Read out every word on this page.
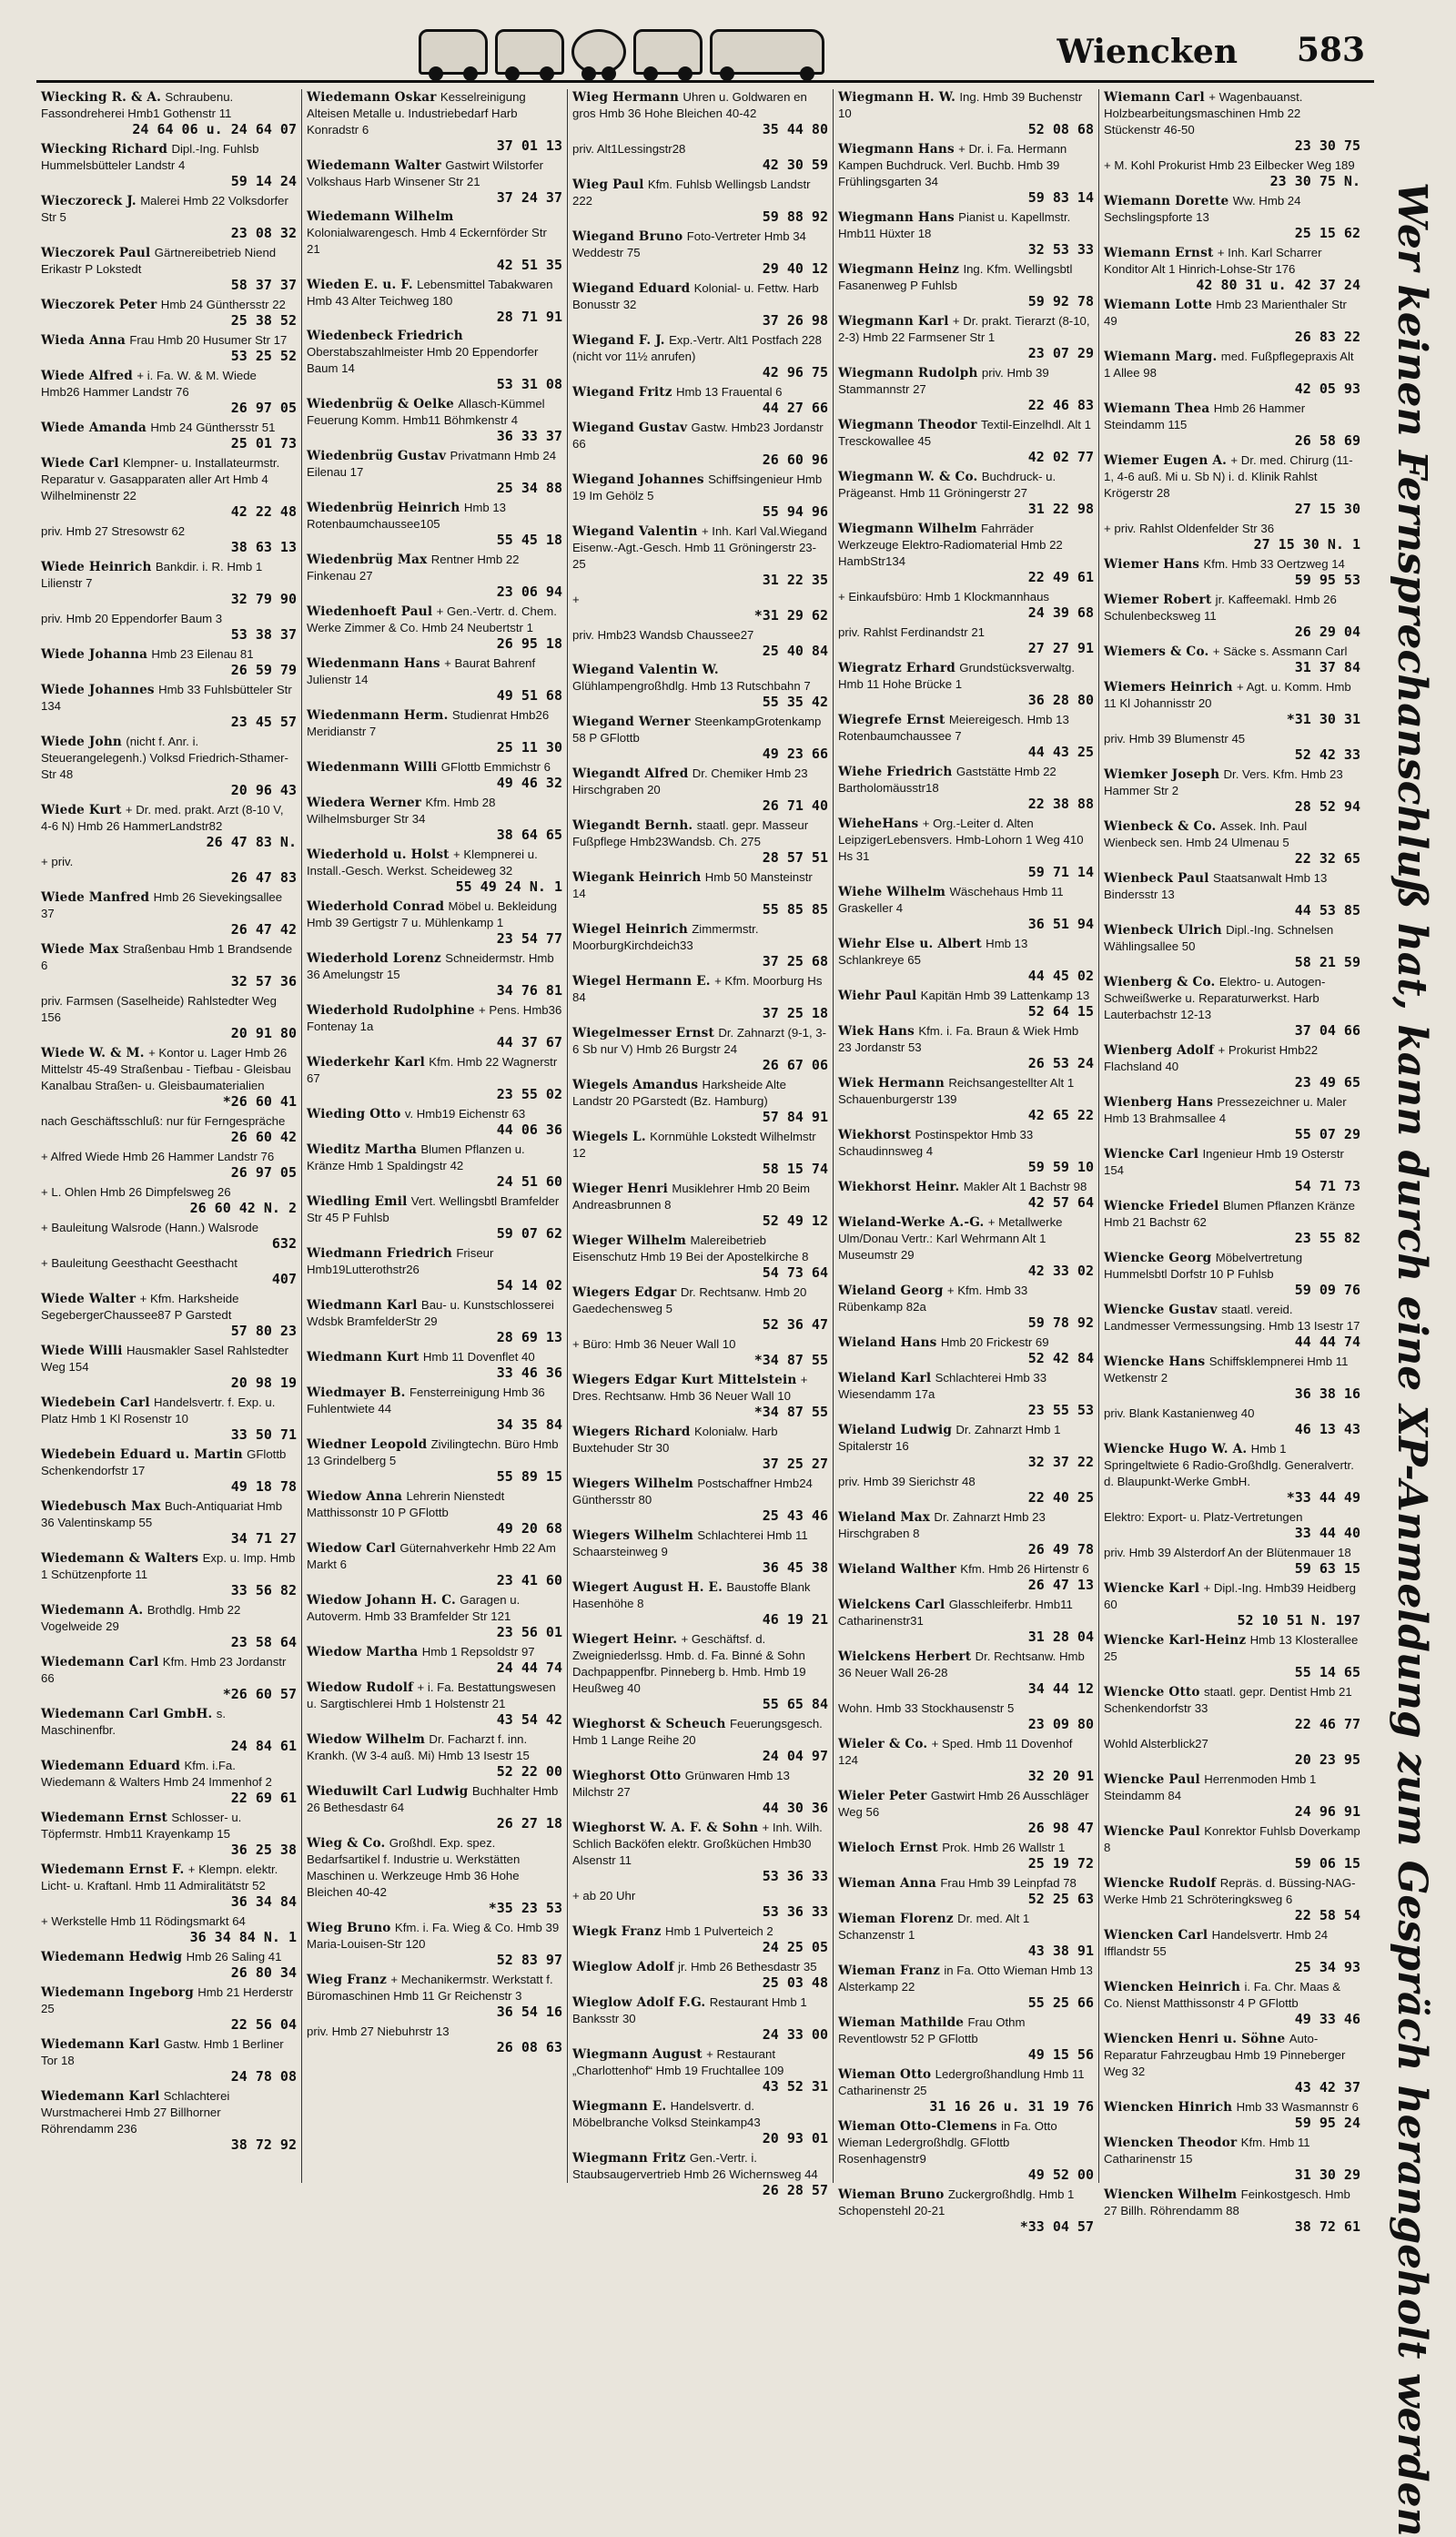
Wiencken 583
Wiecking R. & A. Schraubenu. Fassondreherei Hmb1 Gothenstr 11
24 64 06 u. 24 64 07
Wiecking Richard Dipl.-Ing. Fuhlsb Hummelsbütteler Landstr 4
59 14 24
Wieczoreck J. Malerei Hmb 22 Volksdorfer Str 5
23 08 32
Wieczorek Paul Gärtnereibetrieb Niend Erikastr P Lokstedt
58 37 37
Wieczorek Peter Hmb 24 Günthersstr 22
25 38 52
Wieda Anna Frau Hmb 20 Husumer Str 17
53 25 52
Wiede Alfred + i. Fa. W. & M. Wiede Hmb26 Hammer Landstr 76
26 97 05
Wiede Amanda Hmb 24 Günthersstr 51
25 01 73
Wiede Carl Klempner- u. Installateurmstr. Reparatur v. Gasapparaten aller Art Hmb 4 Wilhelminenstr 22
42 22 48
priv. Hmb 27 Stresowstr 62
38 63 13
Wiede Heinrich Bankdir. i. R. Hmb 1 Lilienstr 7
32 79 90
priv. Hmb 20 Eppendorfer Baum 3
53 38 37
Wiede Johanna Hmb 23 Eilenau 81
26 59 79
Wiede Johannes Hmb 33 Fuhlsbütteler Str 134
23 45 57
Wiede John (nicht f. Anr. i. Steuerangelegenh.) Volksd Friedrich-Sthamer-Str 48
20 96 43
Wiede Kurt + Dr. med. prakt. Arzt (8-10 V, 4-6 N) Hmb 26 HammerLandstr82
26 47 83 N.
+ priv.
26 47 83
Wiede Manfred Hmb 26 Sievekingsallee 37
26 47 42
Wiede Max Straßenbau Hmb 1 Brandsende 6
32 57 36
priv. Farmsen (Saselheide) Rahlstedter Weg 156
20 91 80
Wiede W. & M. + Kontor u. Lager Hmb 26 Mittelstr 45-49 Straßenbau - Tiefbau - Gleisbau Kanalbau Straßen- u. Gleisbaumaterialien
*26 60 41
nach Geschäftsschluß: nur für Ferngespräche
26 60 42
+ Alfred Wiede Hmb 26 Hammer Landstr 76
26 97 05
+ L. Ohlen Hmb 26 Dimpfelsweg 26
26 60 42 N. 2
+ Bauleitung Walsrode (Hann.) Walsrode
632
+ Bauleitung Geesthacht Geesthacht
407
Wiede Walter + Kfm. Harksheide SegebergerChaussee87 P Garstedt
57 80 23
Wiede Willi Hausmakler Sasel Rahlstedter Weg 154
20 98 19
Wiedebein Carl Handelsvertr. f. Exp. u. Platz Hmb 1 Kl Rosenstr 10
33 50 71
Wiedebein Eduard u. Martin GFlottb Schenkendorfstr 17
49 18 78
Wiedebusch Max Buch-Antiquariat Hmb 36 Valentinskamp 55
34 71 27
Wiedemann & Walters Exp. u. Imp. Hmb 1 Schützenpforte 11
33 56 82
Wiedemann A. Brothdlg. Hmb 22 Vogelweide 29
23 58 64
Wiedemann Carl Kfm. Hmb 23 Jordanstr 66
*26 60 57
Wiedemann Carl GmbH. s. Maschinenfbr.
24 84 61
Wiedemann Eduard Kfm. i.Fa. Wiedemann & Walters Hmb 24 Immenhof 2
22 69 61
Wiedemann Ernst Schlosser- u. Töpfermstr. Hmb11 Krayenkamp 15
36 25 38
Wiedemann Ernst F. + Klempn. elektr. Licht- u. Kraftanl. Hmb 11 Admiralitätstr 52
36 34 84
+ Werkstelle Hmb 11 Rödingsmarkt 64
36 34 84 N. 1
Wiedemann Hedwig Hmb 26 Saling 41
26 80 34
Wiedemann Ingeborg Hmb 21 Herderstr 25
22 56 04
Wiedemann Karl Gastw. Hmb 1 Berliner Tor 18
24 78 08
Wiedemann Karl Schlachterei Wurstmacherei Hmb 27 Billhorner Röhrendamm 236
38 72 92
Wiedemann Oskar Kesselreinigung Alteisen Metalle u. Industriebedarf Harb Konradstr 6
37 01 13
Wiedemann Walter Gastwirt Wilstorfer Volkshaus Harb Winsener Str 21
37 24 37
Wiedemann Wilhelm Kolonialwarengesch. Hmb 4 Eckernförder Str 21
42 51 35
Wieden E. u. F. Lebensmittel Tabakwaren Hmb 43 Alter Teichweg 180
28 71 91
Wiedenbeck Friedrich Oberstabszahlmeister Hmb 20 Eppendorfer Baum 14
53 31 08
Wiedenbrüg & Oelke Allasch-Kümmel Feuerung Komm. Hmb11 Böhmkenstr 4
36 33 37
Wiedenbrüg Gustav Privatmann Hmb 24 Eilenau 17
25 34 88
Wiedenbrüg Heinrich Hmb 13 Rotenbaumchaussee105
55 45 18
Wiedenbrüg Max Rentner Hmb 22 Finkenau 27
23 06 94
Wiedenhoeft Paul + Gen.-Vertr. d. Chem. Werke Zimmer & Co. Hmb 24 Neubertstr 1
26 95 18
Wiedenmann Hans + Baurat Bahrenf Julienstr 14
49 51 68
Wiedenmann Herm. Studienrat Hmb26 Meridianstr 7
25 11 30
Wiedenmann Willi GFlottb Emmichstr 6
49 46 32
Wiedera Werner Kfm. Hmb 28 Wilhelmsburger Str 34
38 64 65
Wiederhold u. Holst + Klempnerei u. Install.-Gesch. Werkst. Scheideweg 32
55 49 24 N. 1
Wiederhold Conrad Möbel u. Bekleidung Hmb 39 Gertigstr 7 u. Mühlenkamp 1
23 54 77
Wiederhold Lorenz Schneidermstr. Hmb 36 Amelungstr 15
34 76 81
Wiederhold Rudolphine + Pens. Hmb36 Fontenay 1a
44 37 67
Wiederkehr Karl Kfm. Hmb 22 Wagnerstr 67
23 55 02
Wieding Otto v. Hmb19 Eichenstr 63
44 06 36
Wieditz Martha Blumen Pflanzen u. Kränze Hmb 1 Spaldingstr 42
24 51 60
Wiedling Emil Vert. Wellingsbtl Bramfelder Str 45 P Fuhlsb
59 07 62
Wiedmann Friedrich Friseur Hmb19Lutterothstr26
54 14 02
Wiedmann Karl Bau- u. Kunstschlosserei Wdsbk BramfelderStr 29
28 69 13
Wiedmann Kurt Hmb 11 Dovenflet 40
33 46 36
Wiedmayer B. Fensterreinigung Hmb 36 Fuhlentwiete 44
34 35 84
Wiedner Leopold Zivilingtechn. Büro Hmb 13 Grindelberg 5
55 89 15
Wiedow Anna Lehrerin Nienstedt Matthissonstr 10 P GFlottb
49 20 68
Wiedow Carl Güternahverkehr Hmb 22 Am Markt 6
23 41 60
Wiedow Johann H. C. Garagen u. Autoverm. Hmb 33 Bramfelder Str 121
23 56 01
Wiedow Martha Hmb 1 Repsoldstr 97
24 44 74
Wiedow Rudolf + i. Fa. Bestattungswesen u. Sargtischlerei Hmb 1 Holstenstr 21
43 54 42
Wiedow Wilhelm Dr. Facharzt f. inn. Krankh. (W 3-4 auß. Mi) Hmb 13 Isestr 15
52 22 00
Wieduwilt Carl Ludwig Buchhalter Hmb 26 Bethesdastr 64
26 27 18
Wieg & Co. Großhdl. Exp. spez. Bedarfsartikel f. Industrie u. Werkstätten Maschinen u. Werkzeuge Hmb 36 Hohe Bleichen 40-42
*35 23 53
Wieg Bruno Kfm. i. Fa. Wieg & Co. Hmb 39 Maria-Louisen-Str 120
52 83 97
Wieg Franz + Mechanikermstr. Werkstatt f. Büromaschinen Hmb 11 Gr Reichenstr 3
36 54 16
priv. Hmb 27 Niebuhrstr 13
26 08 63
Wieg Hermann Uhren u. Goldwaren en gros Hmb 36 Hohe Bleichen 40-42
35 44 80
priv. Alt1Lessingstr28
42 30 59
Wieg Paul Kfm. Fuhlsb Wellingsb Landstr 222
59 88 92
Wiegand Bruno Foto-Vertreter Hmb 34 Weddestr 75
29 40 12
Wiegand Eduard Kolonial- u. Fettw. Harb Bonusstr 32
37 26 98
Wiegand F. J. Exp.-Vertr. Alt1 Postfach 228 (nicht vor 11½ anrufen)
42 96 75
Wiegand Fritz Hmb 13 Frauental 6
44 27 66
Wiegand Gustav Gastw. Hmb23 Jordanstr 66
26 60 96
Wiegand Johannes Schiffsingenieur Hmb 19 Im Gehölz 5
55 94 96
Wiegand Valentin + Inh. Karl Val.Wiegand Eisenw.-Agt.-Gesch. Hmb 11 Gröningerstr 23-25
31 22 35
+
*31 29 62
priv. Hmb23 Wandsb Chaussee27
25 40 84
Wiegand Valentin W. Glühlampengroßhdlg. Hmb 13 Rutschbahn 7
55 35 42
Wiegand Werner SteenkampGrotenkamp 58 P GFlottb
49 23 66
Wiegandt Alfred Dr. Chemiker Hmb 23 Hirschgraben 20
26 71 40
Wiegandt Bernh. staatl. gepr. Masseur Fußpflege Hmb23Wandsb. Ch. 275
28 57 51
Wiegank Heinrich Hmb 50 Mansteinstr 14
55 85 85
Wiegel Heinrich Zimmermstr. MoorburgKirchdeich33
37 25 68
Wiegel Hermann E. + Kfm. Moorburg Hs 84
37 25 18
Wiegelmesser Ernst Dr. Zahnarzt (9-1, 3-6 Sb nur V) Hmb 26 Burgstr 24
26 67 06
Wiegels Amandus Harksheide Alte Landstr 20 PGarstedt (Bz. Hamburg)
57 84 91
Wiegels L. Kornmühle Lokstedt Wilhelmstr 12
58 15 74
Wieger Henri Musiklehrer Hmb 20 Beim Andreasbrunnen 8
52 49 12
Wieger Wilhelm Malereibetrieb Eisenschutz Hmb 19 Bei der Apostelkirche 8
54 73 64
Wiegers Edgar Dr. Rechtsanw. Hmb 20 Gaedechensweg 5
52 36 47
+ Büro: Hmb 36 Neuer Wall 10
*34 87 55
Wiegers Edgar Kurt Mittelstein + Dres. Rechtsanw. Hmb 36 Neuer Wall 10
*34 87 55
Wiegers Richard Kolonialw. Harb Buxtehuder Str 30
37 25 27
Wiegers Wilhelm Postschaffner Hmb24 Günthersstr 80
25 43 46
Wiegers Wilhelm Schlachterei Hmb 11 Schaarsteinweg 9
36 45 38
Wiegert August H. E. Baustoffe Blank Hasenhöhe 8
46 19 21
Wiegert Heinr. + Geschäftsf. d. Zweigniederlssg. Hmb. d. Fa. Binné & Sohn Dachpappenfbr. Pinneberg b. Hmb. Hmb 19 Heußweg 40
55 65 84
Wieghorst & Scheuch Feuerungsgesch. Hmb 1 Lange Reihe 20
24 04 97
Wieghorst Otto Grünwaren Hmb 13 Milchstr 27
44 30 36
Wieghorst W. A. F. & Sohn + Inh. Wilh. Schlich Backöfen elektr. Großküchen Hmb30 Alsenstr 11
53 36 33
+ ab 20 Uhr
53 36 33
Wiegk Franz Hmb 1 Pulverteich 2
24 25 05
Wieglow Adolf jr. Hmb 26 Bethesdastr 35
25 03 48
Wieglow Adolf F.G. Restaurant Hmb 1 Banksstr 30
24 33 00
Wiegmann August + Restaurant „Charlottenhof“ Hmb 19 Fruchtallee 109
43 52 31
Wiegmann E. Handelsvertr. d. Möbelbranche Volksd Steinkamp43
20 93 01
Wiegmann Fritz Gen.-Vertr. i. Staubsaugervertrieb Hmb 26 Wichernsweg 44
26 28 57
Wiegmann H. W. Ing. Hmb 39 Buchenstr 10
52 08 68
Wiegmann Hans + Dr. i. Fa. Hermann Kampen Buchdruck. Verl. Buchb. Hmb 39 Frühlingsgarten 34
59 83 14
Wiegmann Hans Pianist u. Kapellmstr. Hmb11 Hüxter 18
32 53 33
Wiegmann Heinz Ing. Kfm. Wellingsbtl Fasanenweg P Fuhlsb
59 92 78
Wiegmann Karl + Dr. prakt. Tierarzt (8-10, 2-3) Hmb 22 Farmsener Str 1
23 07 29
Wiegmann Rudolph priv. Hmb 39 Stammannstr 27
22 46 83
Wiegmann Theodor Textil-Einzelhdl. Alt 1 Tresckowallee 45
42 02 77
Wiegmann W. & Co. Buchdruck- u. Prägeanst. Hmb 11 Gröningerstr 27
31 22 98
Wiegmann Wilhelm Fahrräder Werkzeuge Elektro-Radiomaterial Hmb 22 HambStr134
22 49 61
+ Einkaufsbüro: Hmb 1 Klockmannhaus
24 39 68
priv. Rahlst Ferdinandstr 21
27 27 91
Wiegratz Erhard Grundstücksverwaltg. Hmb 11 Hohe Brücke 1
36 28 80
Wiegrefe Ernst Meiereigesch. Hmb 13 Rotenbaumchaussee 7
44 43 25
Wiehe Friedrich Gaststätte Hmb 22 Bartholomäusstr18
22 38 88
WieheHans + Org.-Leiter d. Alten LeipzigerLebensvers. Hmb-Lohorn 1 Weg 410 Hs 31
59 71 14
Wiehe Wilhelm Wäschehaus Hmb 11 Graskeller 4
36 51 94
Wiehr Else u. Albert Hmb 13 Schlankreye 65
44 45 02
Wiehr Paul Kapitän Hmb 39 Lattenkamp 13
52 64 15
Wiek Hans Kfm. i. Fa. Braun & Wiek Hmb 23 Jordanstr 53
26 53 24
Wiek Hermann Reichsangestellter Alt 1 Schauenburgerstr 139
42 65 22
Wiekhorst Postinspektor Hmb 33 Schaudinnsweg 4
59 59 10
Wiekhorst Heinr. Makler Alt 1 Bachstr 98
42 57 64
Wieland-Werke A.-G. + Metallwerke Ulm/Donau Vertr.: Karl Wehrmann Alt 1 Museumstr 29
42 33 02
Wieland Georg + Kfm. Hmb 33 Rübenkamp 82a
59 78 92
Wieland Hans Hmb 20 Frickestr 69
52 42 84
Wieland Karl Schlachterei Hmb 33 Wiesendamm 17a
23 55 53
Wieland Ludwig Dr. Zahnarzt Hmb 1 Spitalerstr 16
32 37 22
priv. Hmb 39 Sierichstr 48
22 40 25
Wieland Max Dr. Zahnarzt Hmb 23 Hirschgraben 8
26 49 78
Wieland Walther Kfm. Hmb 26 Hirtenstr 6
26 47 13
Wielckens Carl Glasschleiferbr. Hmb11 Catharinenstr31
31 28 04
Wielckens Herbert Dr. Rechtsanw. Hmb 36 Neuer Wall 26-28
34 44 12
Wohn. Hmb 33 Stockhausenstr 5
23 09 80
Wieler & Co. + Sped. Hmb 11 Dovenhof 124
32 20 91
Wieler Peter Gastwirt Hmb 26 Ausschläger Weg 56
26 98 47
Wieloch Ernst Prok. Hmb 26 Wallstr 1
25 19 72
Wieman Anna Frau Hmb 39 Leinpfad 78
52 25 63
Wieman Florenz Dr. med. Alt 1 Schanzenstr 1
43 38 91
Wieman Franz in Fa. Otto Wieman Hmb 13 Alsterkamp 22
55 25 66
Wieman Mathilde Frau Othm Reventlowstr 52 P GFlottb
49 15 56
Wieman Otto Ledergroßhandlung Hmb 11 Catharinenstr 25
31 16 26 u. 31 19 76
Wieman Otto-Clemens in Fa. Otto Wieman Ledergroßhdlg. GFlottb Rosenhagenstr9
49 52 00
Wieman Bruno Zuckergroßhdlg. Hmb 1 Schopenstehl 20-21
*33 04 57
Wiemann Carl + Wagenbauanst. Holzbearbeitungsmaschinen Hmb 22 Stückenstr 46-50
23 30 75
+ M. Kohl Prokurist Hmb 23 Eilbecker Weg 189
23 30 75 N.
Wiemann Dorette Ww. Hmb 24 Sechslingspforte 13
25 15 62
Wiemann Ernst + Inh. Karl Scharrer Konditor Alt 1 Hinrich-Lohse-Str 176
42 80 31 u. 42 37 24
Wiemann Lotte Hmb 23 Marienthaler Str 49
26 83 22
Wiemann Marg. med. Fußpflegepraxis Alt 1 Allee 98
42 05 93
Wiemann Thea Hmb 26 Hammer Steindamm 115
26 58 69
Wiemer Eugen A. + Dr. med. Chirurg (11-1, 4-6 auß. Mi u. Sb N) i. d. Klinik Rahlst Krögerstr 28
27 15 30
+ priv. Rahlst Oldenfelder Str 36
27 15 30 N. 1
Wiemer Hans Kfm. Hmb 33 Oertzweg 14
59 95 53
Wiemer Robert jr. Kaffeemakl. Hmb 26 Schulenbecksweg 11
26 29 04
Wiemers & Co. + Säcke s. Assmann Carl
31 37 84
Wiemers Heinrich + Agt. u. Komm. Hmb 11 Kl Johannisstr 20
*31 30 31
priv. Hmb 39 Blumenstr 45
52 42 33
Wiemker Joseph Dr. Vers. Kfm. Hmb 23 Hammer Str 2
28 52 94
Wienbeck & Co. Assek. Inh. Paul Wienbeck sen. Hmb 24 Ulmenau 5
22 32 65
Wienbeck Paul Staatsanwalt Hmb 13 Bindersstr 13
44 53 85
Wienbeck Ulrich Dipl.-Ing. Schnelsen Wählingsallee 50
58 21 59
Wienberg & Co. Elektro- u. Autogen-Schweißwerke u. Reparaturwerkst. Harb Lauterbachstr 12-13
37 04 66
Wienberg Adolf + Prokurist Hmb22 Flachsland 40
23 49 65
Wienberg Hans Pressezeichner u. Maler Hmb 13 Brahmsallee 4
55 07 29
Wiencke Carl Ingenieur Hmb 19 Osterstr 154
54 71 73
Wiencke Friedel Blumen Pflanzen Kränze Hmb 21 Bachstr 62
23 55 82
Wiencke Georg Möbelvertretung Hummelsbtl Dorfstr 10 P Fuhlsb
59 09 76
Wiencke Gustav staatl. vereid. Landmesser Vermessungsing. Hmb 13 Isestr 17
44 44 74
Wiencke Hans Schiffsklempnerei Hmb 11 Wetkenstr 2
36 38 16
priv. Blank Kastanienweg 40
46 13 43
Wiencke Hugo W. A. Hmb 1 Springeltwiete 6 Radio-Großhdlg. Generalvertr. d. Blaupunkt-Werke GmbH.
*33 44 49
Elektro: Export- u. Platz-Vertretungen
33 44 40
priv. Hmb 39 Alsterdorf An der Blütenmauer 18
59 63 15
Wiencke Karl + Dipl.-Ing. Hmb39 Heidberg 60
52 10 51 N. 197
Wiencke Karl-Heinz Hmb 13 Klosterallee 25
55 14 65
Wiencke Otto staatl. gepr. Dentist Hmb 21 Schenkendorfstr 33
22 46 77
Wohld Alsterblick27
20 23 95
Wiencke Paul Herrenmoden Hmb 1 Steindamm 84
24 96 91
Wiencke Paul Konrektor Fuhlsb Doverkamp 8
59 06 15
Wiencke Rudolf Repräs. d. Büssing-NAG-Werke Hmb 21 Schröteringksweg 6
22 58 54
Wiencken Carl Handelsvertr. Hmb 24 Ifflandstr 55
25 34 93
Wiencken Heinrich i. Fa. Chr. Maas & Co. Nienst Matthissonstr 4 P GFlottb
49 33 46
Wiencken Henri u. Söhne Auto-Reparatur Fahrzeugbau Hmb 19 Pinneberger Weg 32
43 42 37
Wiencken Hinrich Hmb 33 Wasmannstr 6
59 95 24
Wiencken Theodor Kfm. Hmb 11 Catharinenstr 15
31 30 29
Wiencken Wilhelm Feinkostgesch. Hmb 27 Billh. Röhrendamm 88
38 72 61 Wer keinen Fernsprechanschluß hat, kann durch eine XP-Anmeldung zum Gespräch herangeholt werden
